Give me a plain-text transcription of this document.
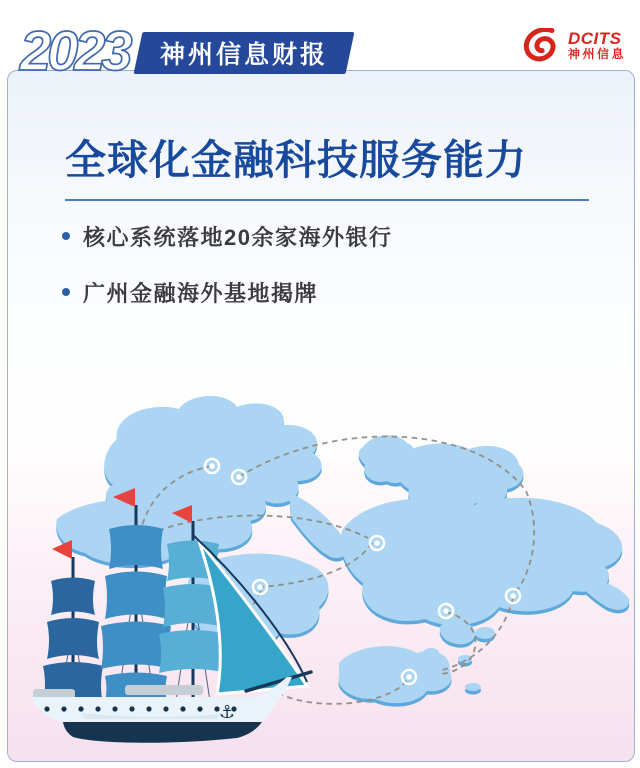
2023 神州信息财报
DCITS
神州信息
全球化金融科技服务能力
核心系统落地20余家海外银行
广州金融海外基地揭牌
⚓
